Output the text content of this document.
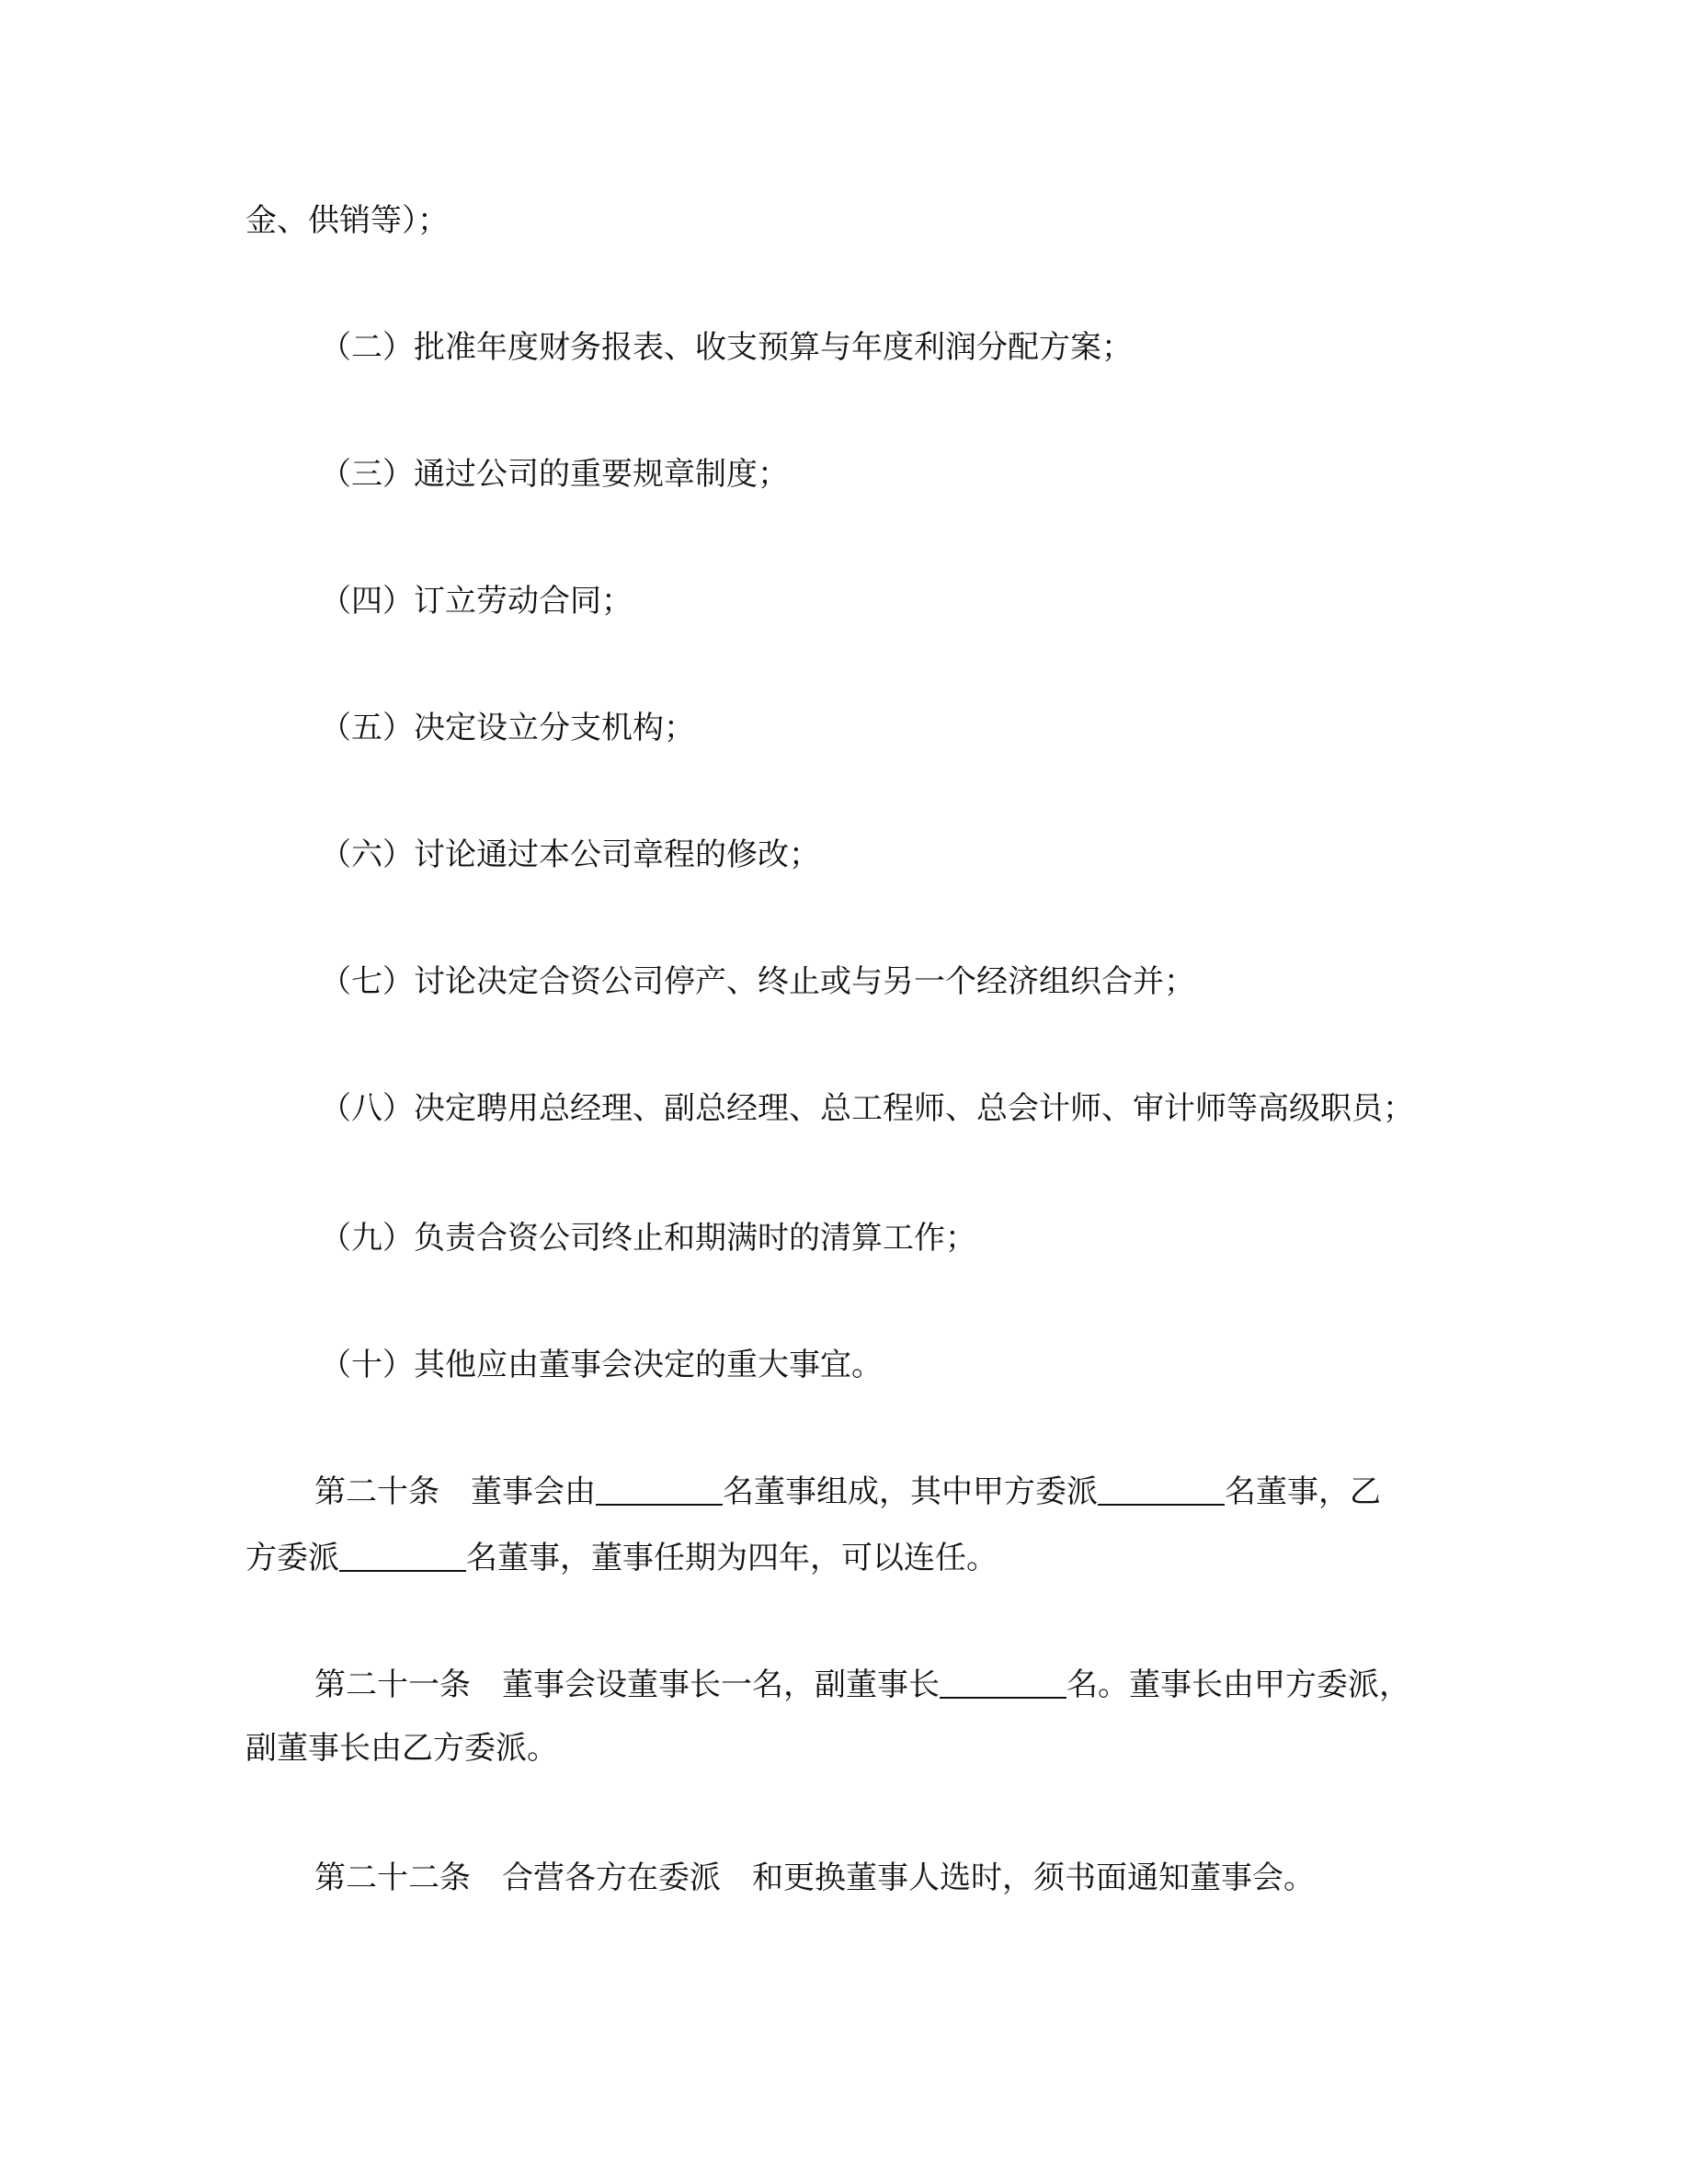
金、供销等）；
（二）批准年度财务报表、收支预算与年度利润分配方案；
（三）通过公司的重要规章制度；
（四）订立劳动合同；
（五）决定设立分支机构；
（六）讨论通过本公司章程的修改；
（七）讨论决定合资公司停产、终止或与另一个经济组织合并；
（八）决定聘用总经理、副总经理、总工程师、总会计师、审计师等高级职员；
（九）负责合资公司终止和期满时的清算工作；
（十）其他应由董事会决定的重大事宜。
第二十条　董事会由	名董事组成，其中甲方委派	名董事，乙
方委派	名董事，董事任期为四年，可以连任。
第二十一条　董事会设董事长一名，副董事长	名。董事长由甲方委派，
副董事长由乙方委派。
第二十二条　合营各方在委派　和更换董事人选时，须书面通知董事会。
